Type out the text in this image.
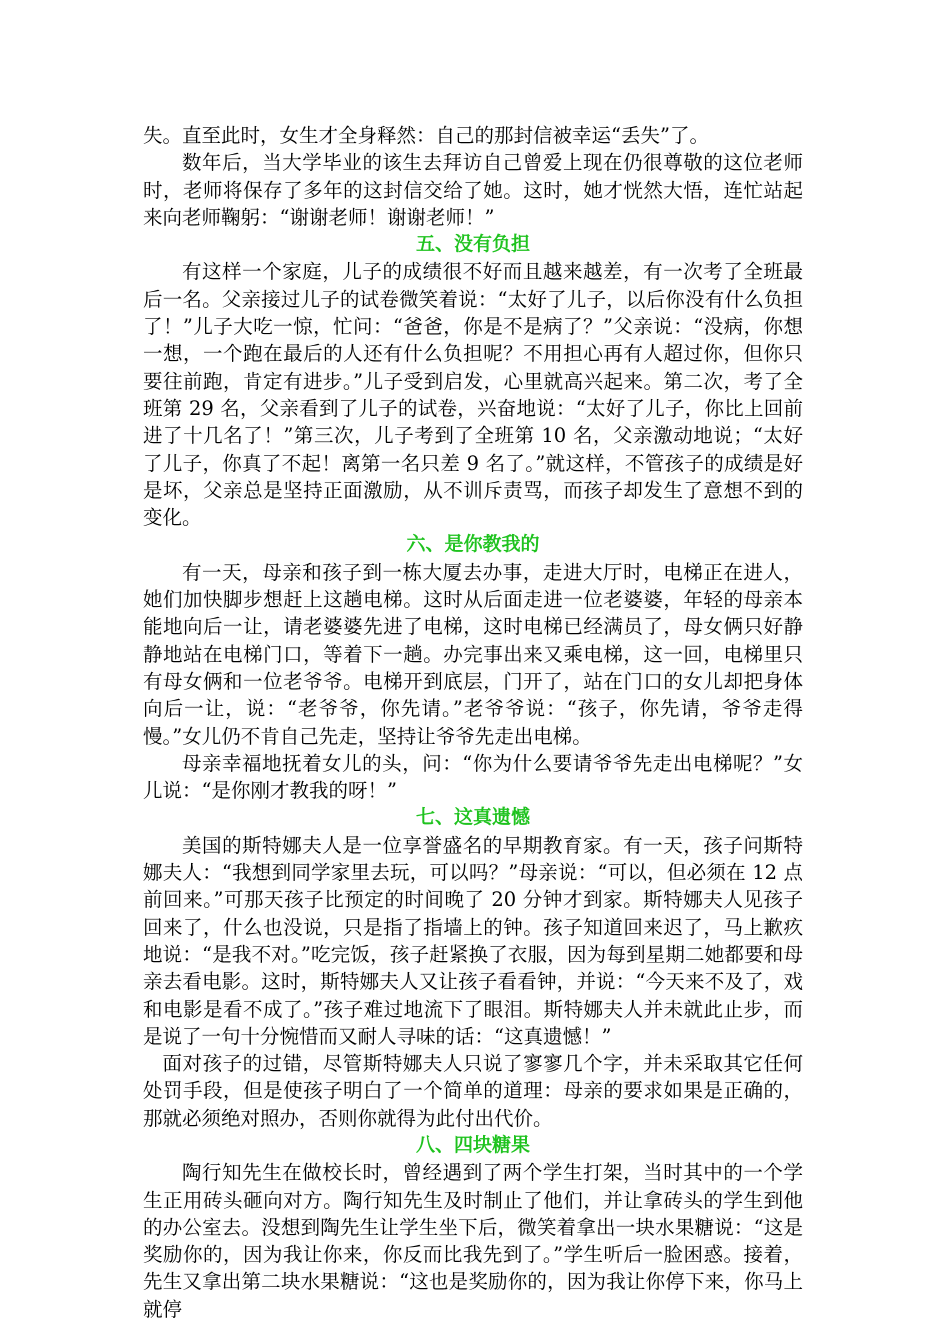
失。直至此时，女生才全身释然：自己的那封信被幸运“丢失”了。

数年后，当大学毕业的该生去拜访自己曾爱上现在仍很尊敬的这位老师时，老师将保存了多年的这封信交给了她。这时，她才恍然大悟，连忙站起来向老师鞠躬：“谢谢老师！谢谢老师！”

五、没有负担

有这样一个家庭，儿子的成绩很不好而且越来越差，有一次考了全班最后一名。父亲接过儿子的试卷微笑着说：“太好了儿子，以后你没有什么负担了！”儿子大吃一惊，忙问：“爸爸，你是不是病了？”父亲说：“没病，你想一想，一个跑在最后的人还有什么负担呢？不用担心再有人超过你，但你只要往前跑，肯定有进步。”儿子受到启发，心里就高兴起来。第二次，考了全班第 29 名，父亲看到了儿子的试卷，兴奋地说：“太好了儿子，你比上回前进了十几名了！”第三次，儿子考到了全班第 10 名，父亲激动地说；“太好了儿子，你真了不起！离第一名只差 9 名了。”就这样，不管孩子的成绩是好是坏，父亲总是坚持正面激励，从不训斥责骂，而孩子却发生了意想不到的变化。

六、是你教我的

有一天，母亲和孩子到一栋大厦去办事，走进大厅时，电梯正在进人，她们加快脚步想赶上这趟电梯。这时从后面走进一位老婆婆，年轻的母亲本能地向后一让，请老婆婆先进了电梯，这时电梯已经满员了，母女俩只好静静地站在电梯门口，等着下一趟。办完事出来又乘电梯，这一回，电梯里只有母女俩和一位老爷爷。电梯开到底层，门开了，站在门口的女儿却把身体向后一让，说：“老爷爷，你先请。”老爷爷说：“孩子，你先请，爷爷走得慢。”女儿仍不肯自己先走，坚持让爷爷先走出电梯。

母亲幸福地抚着女儿的头，问：“你为什么要请爷爷先走出电梯呢？”女儿说：“是你刚才教我的呀！”

七、这真遗憾

美国的斯特娜夫人是一位享誉盛名的早期教育家。有一天，孩子问斯特娜夫人：“我想到同学家里去玩，可以吗？”母亲说：“可以，但必须在 12 点前回来。”可那天孩子比预定的时间晚了 20 分钟才到家。斯特娜夫人见孩子回来了，什么也没说，只是指了指墙上的钟。孩子知道回来迟了，马上歉疚地说：“是我不对。”吃完饭，孩子赶紧换了衣服，因为每到星期二她都要和母亲去看电影。这时，斯特娜夫人又让孩子看看钟，并说：“今天来不及了，戏和电影是看不成了。”孩子难过地流下了眼泪。斯特娜夫人并未就此止步，而是说了一句十分惋惜而又耐人寻味的话：“这真遗憾！”

面对孩子的过错，尽管斯特娜夫人只说了寥寥几个字，并未采取其它任何处罚手段，但是使孩子明白了一个简单的道理：母亲的要求如果是正确的，那就必须绝对照办，否则你就得为此付出代价。

八、四块糖果

陶行知先生在做校长时，曾经遇到了两个学生打架，当时其中的一个学生正用砖头砸向对方。陶行知先生及时制止了他们，并让拿砖头的学生到他的办公室去。没想到陶先生让学生坐下后，微笑着拿出一块水果糖说：“这是奖励你的，因为我让你来，你反而比我先到了。”学生听后一脸困惑。接着，先生又拿出第二块水果糖说：“这也是奖励你的，因为我让你停下来，你马上就停
